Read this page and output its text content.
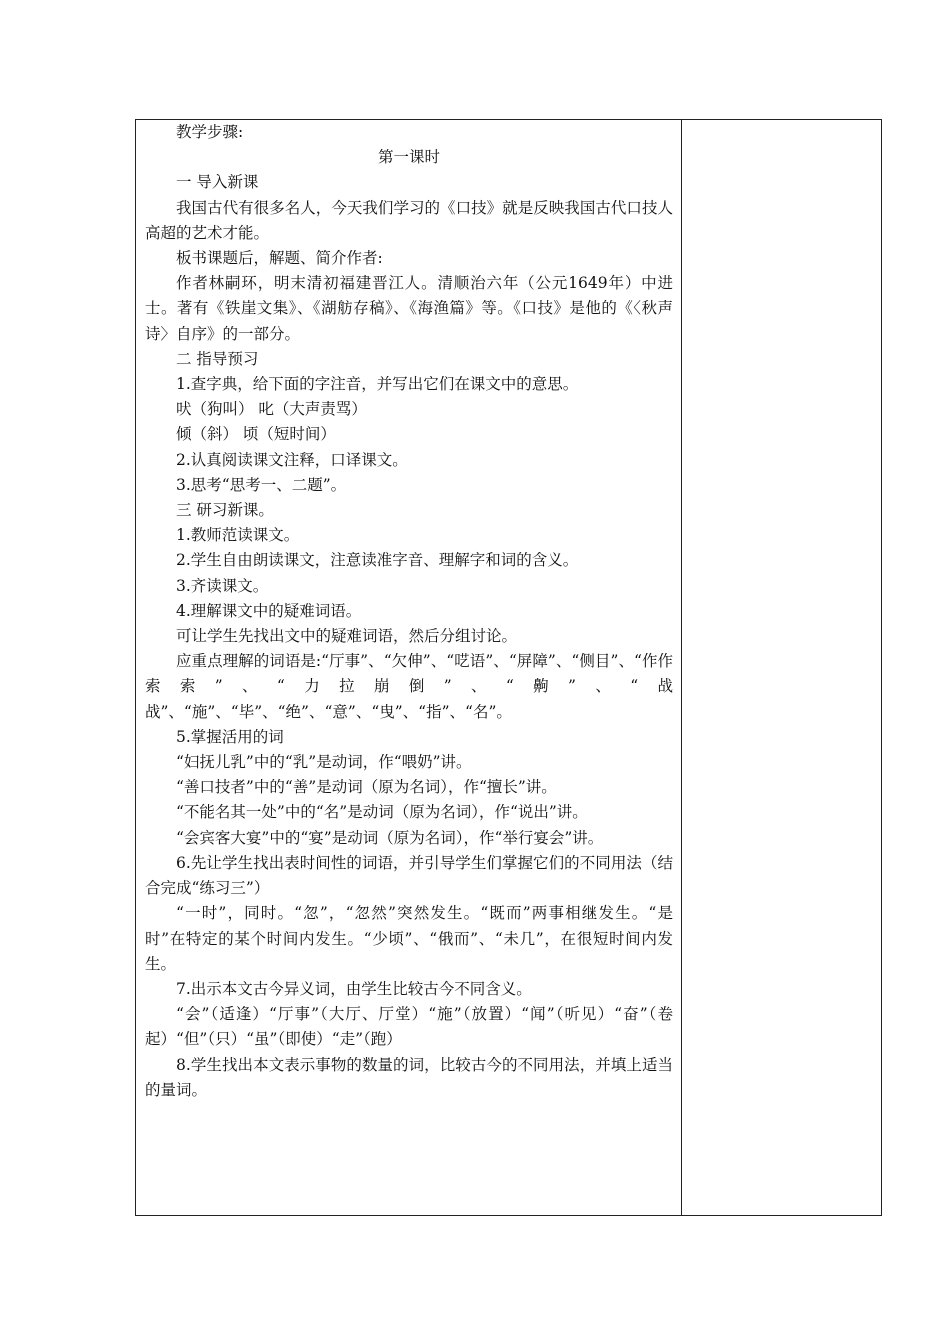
教学步骤:

第一课时

一 导入新课

我国古代有很多名人，今天我们学习的《口技》就是反映我国古代口技人高超的艺术才能。

板书课题后，解题、简介作者:

作者林嗣环，明末清初福建晋江人。清顺治六年（公元1649年）中进士。著有《铁崖文集》、《湖舫存稿》、《海渔篇》等。《口技》是他的《〈秋声诗〉自序》的一部分。

二 指导预习

1.查字典，给下面的字注音，并写出它们在课文中的意思。

吠（狗叫） 叱（大声责骂）

倾（斜） 顷（短时间）

2.认真阅读课文注释，口译课文。

3.思考“思考一、二题”。

三 研习新课。

1.教师范读课文。

2.学生自由朗读课文，注意读准字音、理解字和词的含义。

3.齐读课文。

4.理解课文中的疑难词语。

可让学生先找出文中的疑难词语，然后分组讨论。

应重点理解的词语是:“厅事”、“欠伸”、“呓语”、“屏障”、“侧目”、“作作索索”、“力拉崩倒”、“齁”、“战战”、“施”、“毕”、“绝”、“意”、“曳”、“指”、“名”。

5.掌握活用的词

“妇抚儿乳”中的“乳”是动词，作“喂奶”讲。

“善口技者”中的“善”是动词（原为名词），作“擅长”讲。

“不能名其一处”中的“名”是动词（原为名词），作“说出”讲。

“会宾客大宴”中的“宴”是动词（原为名词），作“举行宴会”讲。

6.先让学生找出表时间性的词语，并引导学生们掌握它们的不同用法（结合完成“练习三”）

“一时”，同时。“忽”，“忽然”突然发生。“既而”两事相继发生。“是时”在特定的某个时间内发生。“少顷”、“俄而”、“未几”，在很短时间内发生。

7.出示本文古今异义词，由学生比较古今不同含义。

“会”（适逢）“厅事”（大厅、厅堂）“施”（放置）“闻”（听见）“奋”（卷起）“但”（只）“虽”（即使）“走”（跑）

8.学生找出本文表示事物的数量的词，比较古今的不同用法，并填上适当的量词。
